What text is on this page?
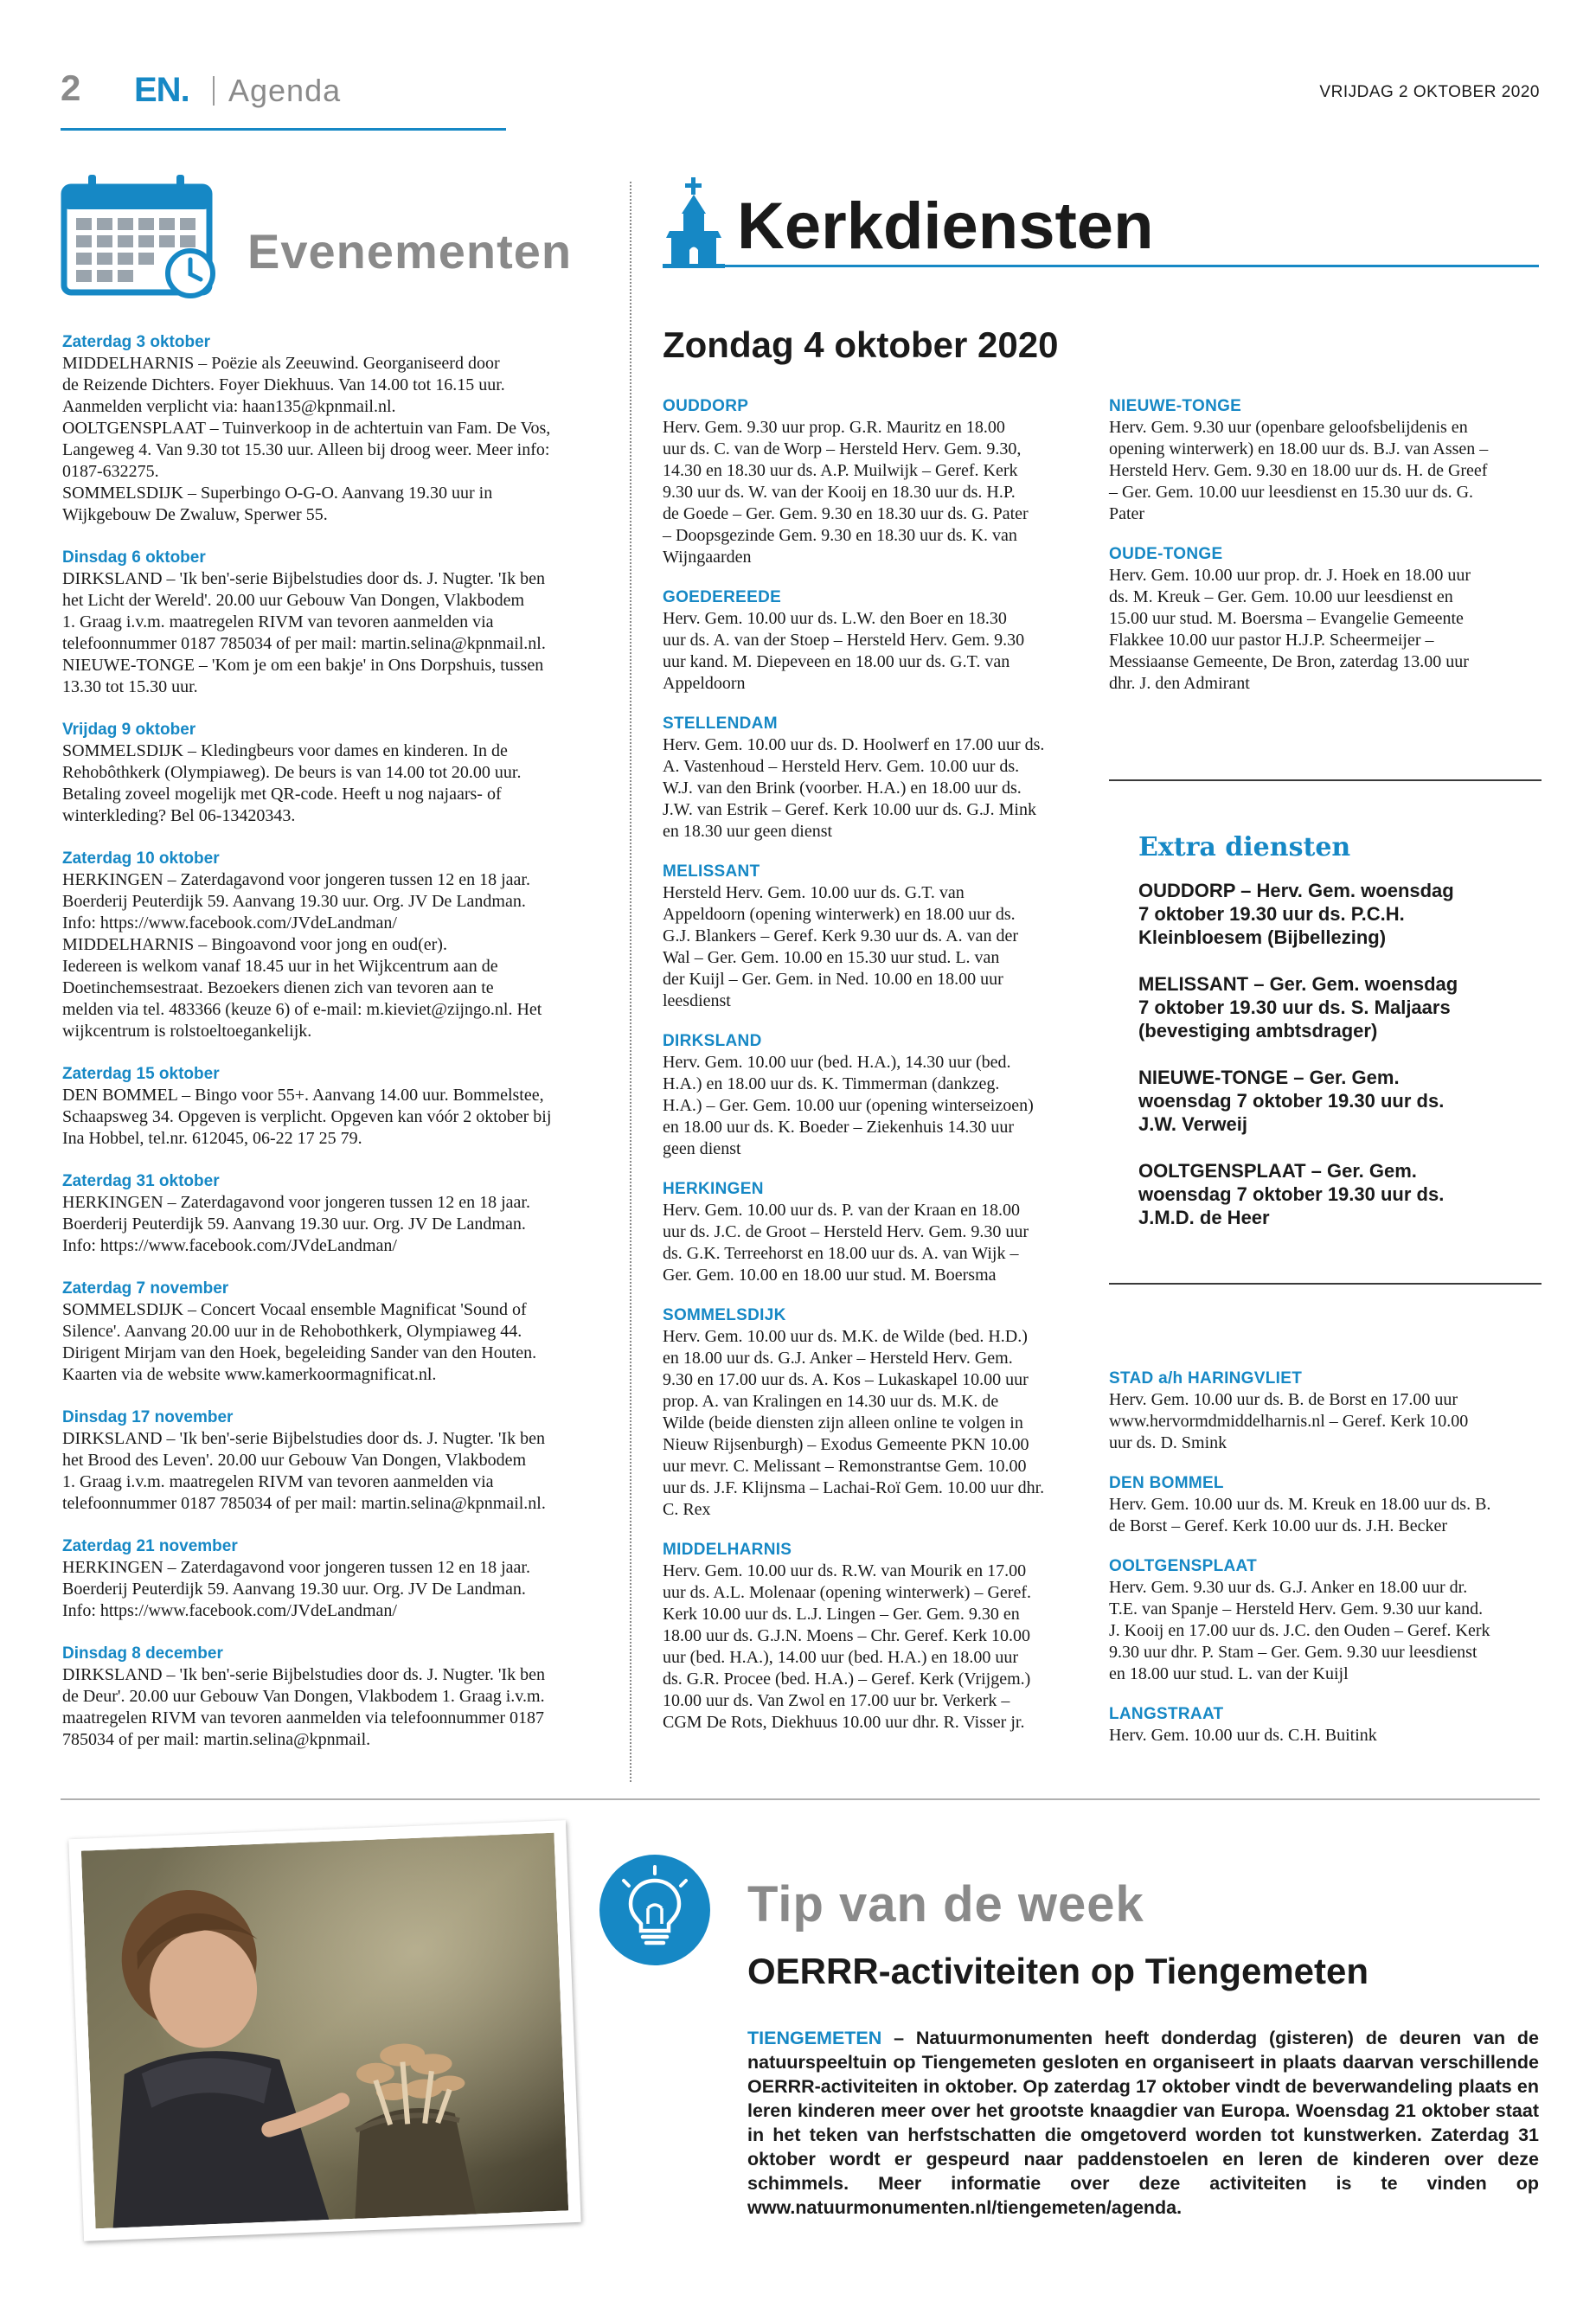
2 EN. Agenda	VRIJDAG 2 OKTOBER 2020
Evenementen
Zaterdag 3 oktober
MIDDELHARNIS – Poëzie als Zeeuwind. Georganiseerd door
de Reizende Dichters. Foyer Diekhuus. Van 14.00 tot 16.15 uur.
Aanmelden verplicht via: haan135@kpnmail.nl.
OOLTGENSPLAAT – Tuinverkoop in de achtertuin van Fam. De Vos,
Langeweg 4. Van 9.30 tot 15.30 uur. Alleen bij droog weer. Meer info:
0187-632275.
SOMMELSDIJK – Superbingo O-G-O. Aanvang 19.30 uur in
Wijkgebouw De Zwaluw, Sperwer 55.
Dinsdag 6 oktober
DIRKSLAND – 'Ik ben'-serie Bijbelstudies door ds. J. Nugter. 'Ik ben
het Licht der Wereld'. 20.00 uur Gebouw Van Dongen, Vlakbodem
1. Graag i.v.m. maatregelen RIVM van tevoren aanmelden via
telefoonnummer 0187 785034 of per mail: martin.selina@kpnmail.nl.
NIEUWE-TONGE – 'Kom je om een bakje' in Ons Dorpshuis, tussen
13.30 tot 15.30 uur.
Vrijdag 9 oktober
SOMMELSDIJK – Kledingbeurs voor dames en kinderen. In de
Rehobôthkerk (Olympiaweg). De beurs is van 14.00 tot 20.00 uur.
Betaling zoveel mogelijk met QR-code. Heeft u nog najaars- of
winterkleding? Bel 06-13420343.
Zaterdag 10 oktober
HERKINGEN – Zaterdagavond voor jongeren tussen 12 en 18 jaar.
Boerderij Peuterdijk 59. Aanvang 19.30 uur. Org. JV De Landman.
Info: https://www.facebook.com/JVdeLandman/
MIDDELHARNIS – Bingoavond voor jong en oud(er).
Iedereen is welkom vanaf 18.45 uur in het Wijkcentrum aan de
Doetinchemsestraat. Bezoekers dienen zich van tevoren aan te
melden via tel. 483366 (keuze 6) of e-mail: m.kieviet@zijngo.nl. Het
wijkcentrum is rolstoeltoegankelijk.
Zaterdag 15 oktober
DEN BOMMEL – Bingo voor 55+. Aanvang 14.00 uur. Bommelstee,
Schaapsweg 34. Opgeven is verplicht. Opgeven kan vóór 2 oktober bij
Ina Hobbel, tel.nr. 612045, 06-22 17 25 79.
Zaterdag 31 oktober
HERKINGEN – Zaterdagavond voor jongeren tussen 12 en 18 jaar.
Boerderij Peuterdijk 59. Aanvang 19.30 uur. Org. JV De Landman.
Info: https://www.facebook.com/JVdeLandman/
Zaterdag 7 november
SOMMELSDIJK – Concert Vocaal ensemble Magnificat 'Sound of
Silence'. Aanvang 20.00 uur in de Rehobothkerk, Olympiaweg 44.
Dirigent Mirjam van den Hoek, begeleiding Sander van den Houten.
Kaarten via de website www.kamerkoormagnificat.nl.
Dinsdag 17 november
DIRKSLAND – 'Ik ben'-serie Bijbelstudies door ds. J. Nugter. 'Ik ben
het Brood des Leven'. 20.00 uur Gebouw Van Dongen, Vlakbodem
1. Graag i.v.m. maatregelen RIVM van tevoren aanmelden via
telefoonnummer 0187 785034 of per mail: martin.selina@kpnmail.nl.
Zaterdag 21 november
HERKINGEN – Zaterdagavond voor jongeren tussen 12 en 18 jaar.
Boerderij Peuterdijk 59. Aanvang 19.30 uur. Org. JV De Landman.
Info: https://www.facebook.com/JVdeLandman/
Dinsdag 8 december
DIRKSLAND – 'Ik ben'-serie Bijbelstudies door ds. J. Nugter. 'Ik ben
de Deur'. 20.00 uur Gebouw Van Dongen, Vlakbodem 1. Graag i.v.m.
maatregelen RIVM van tevoren aanmelden via telefoonnummer 0187
785034 of per mail: martin.selina@kpnmail.
Kerkdiensten
Zondag 4 oktober 2020
OUDDORP
Herv. Gem. 9.30 uur prop. G.R. Mauritz en 18.00
uur ds. C. van de Worp – Hersteld Herv. Gem. 9.30,
14.30 en 18.30 uur ds. A.P. Muilwijk – Geref. Kerk
9.30 uur ds. W. van der Kooij en 18.30 uur ds. H.P.
de Goede – Ger. Gem. 9.30 en 18.30 uur ds. G. Pater
– Doopsgezinde Gem. 9.30 en 18.30 uur ds. K. van
Wijngaarden
GOEDEREEDE
Herv. Gem. 10.00 uur ds. L.W. den Boer en 18.30
uur ds. A. van der Stoep – Hersteld Herv. Gem. 9.30
uur kand. M. Diepeveen en 18.00 uur ds. G.T. van
Appeldoorn
STELLENDAM
Herv. Gem. 10.00 uur ds. D. Hoolwerf en 17.00 uur ds.
A. Vastenhoud – Hersteld Herv. Gem. 10.00 uur ds.
W.J. van den Brink (voorber. H.A.) en 18.00 uur ds.
J.W. van Estrik – Geref. Kerk 10.00 uur ds. G.J. Mink
en 18.30 uur geen dienst
MELISSANT
Hersteld Herv. Gem. 10.00 uur ds. G.T. van
Appeldoorn (opening winterwerk) en 18.00 uur ds.
G.J. Blankers – Geref. Kerk 9.30 uur ds. A. van der
Wal – Ger. Gem. 10.00 en 15.30 uur stud. L. van
der Kuijl – Ger. Gem. in Ned. 10.00 en 18.00 uur
leesdienst
DIRKSLAND
Herv. Gem. 10.00 uur (bed. H.A.), 14.30 uur (bed.
H.A.) en 18.00 uur ds. K. Timmerman (dankzeg.
H.A.) – Ger. Gem. 10.00 uur (opening winterseizoen)
en 18.00 uur ds. K. Boeder – Ziekenhuis 14.30 uur
geen dienst
HERKINGEN
Herv. Gem. 10.00 uur ds. P. van der Kraan en 18.00
uur ds. J.C. de Groot – Hersteld Herv. Gem. 9.30 uur
ds. G.K. Terreehorst en 18.00 uur ds. A. van Wijk –
Ger. Gem. 10.00 en 18.00 uur stud. M. Boersma
SOMMELSDIJK
Herv. Gem. 10.00 uur ds. M.K. de Wilde (bed. H.D.)
en 18.00 uur ds. G.J. Anker – Hersteld Herv. Gem.
9.30 en 17.00 uur ds. A. Kos – Lukaskapel 10.00 uur
prop. A. van Kralingen en 14.30 uur ds. M.K. de
Wilde (beide diensten zijn alleen online te volgen in
Nieuw Rijsenburgh) – Exodus Gemeente PKN 10.00
uur mevr. C. Melissant – Remonstrantse Gem. 10.00
uur ds. J.F. Klijnsma – Lachai-Roï Gem. 10.00 uur dhr.
C. Rex
MIDDELHARNIS
Herv. Gem. 10.00 uur ds. R.W. van Mourik en 17.00
uur ds. A.L. Molenaar (opening winterwerk) – Geref.
Kerk 10.00 uur ds. L.J. Lingen – Ger. Gem. 9.30 en
18.00 uur ds. G.J.N. Moens – Chr. Geref. Kerk 10.00
uur (bed. H.A.), 14.00 uur (bed. H.A.) en 18.00 uur
ds. G.R. Procee (bed. H.A.) – Geref. Kerk (Vrijgem.)
10.00 uur ds. Van Zwol en 17.00 uur br. Verkerk –
CGM De Rots, Diekhuus 10.00 uur dhr. R. Visser jr.
NIEUWE-TONGE
Herv. Gem. 9.30 uur (openbare geloofsbelijdenis en
opening winterwerk) en 18.00 uur ds. B.J. van Assen –
Hersteld Herv. Gem. 9.30 en 18.00 uur ds. H. de Greef
– Ger. Gem. 10.00 uur leesdienst en 15.30 uur ds. G.
Pater
OUDE-TONGE
Herv. Gem. 10.00 uur prop. dr. J. Hoek en 18.00 uur
ds. M. Kreuk – Ger. Gem. 10.00 uur leesdienst en
15.00 uur stud. M. Boersma – Evangelie Gemeente
Flakkee 10.00 uur pastor H.J.P. Scheermeijer –
Messiaanse Gemeente, De Bron, zaterdag 13.00 uur
dhr. J. den Admirant
Extra diensten
OUDDORP – Herv. Gem. woensdag
7 oktober 19.30 uur ds. P.C.H.
Kleinbloesem (Bijbellezing)
MELISSANT – Ger. Gem. woensdag
7 oktober 19.30 uur ds. S. Maljaars
(bevestiging ambtsdrager)
NIEUWE-TONGE – Ger. Gem.
woensdag 7 oktober 19.30 uur ds.
J.W. Verweij
OOLTGENSPLAAT – Ger. Gem.
woensdag 7 oktober 19.30 uur ds.
J.M.D. de Heer
STAD a/h HARINGVLIET
Herv. Gem. 10.00 uur ds. B. de Borst en 17.00 uur
www.hervormdmiddelharnis.nl – Geref. Kerk 10.00
uur ds. D. Smink
DEN BOMMEL
Herv. Gem. 10.00 uur ds. M. Kreuk en 18.00 uur ds. B.
de Borst – Geref. Kerk 10.00 uur ds. J.H. Becker
OOLTGENSPLAAT
Herv. Gem. 9.30 uur ds. G.J. Anker en 18.00 uur dr.
T.E. van Spanje – Hersteld Herv. Gem. 9.30 uur kand.
J. Kooij en 17.00 uur ds. J.C. den Ouden – Geref. Kerk
9.30 uur dhr. P. Stam – Ger. Gem. 9.30 uur leesdienst
en 18.00 uur stud. L. van der Kuijl
LANGSTRAAT
Herv. Gem. 10.00 uur ds. C.H. Buitink
Tip van de week
OERRR-activiteiten op Tiengemeten
TIENGEMETEN – Natuurmonumenten heeft donderdag (gisteren) de deuren van de natuurspeeltuin op Tiengemeten gesloten en organiseert in plaats daarvan verschillende OERRR-activiteiten in oktober. Op zaterdag 17 oktober vindt de beverwandeling plaats en leren kinderen meer over het grootste knaagdier van Europa. Woensdag 21 oktober staat in het teken van herfstschatten die omgetoverd worden tot kunstwerken. Zaterdag 31 oktober wordt er gespeurd naar paddenstoelen en leren de kinderen over deze schimmels. Meer informatie over deze activiteiten is te vinden op www.natuurmonumenten.nl/tiengemeten/agenda.
